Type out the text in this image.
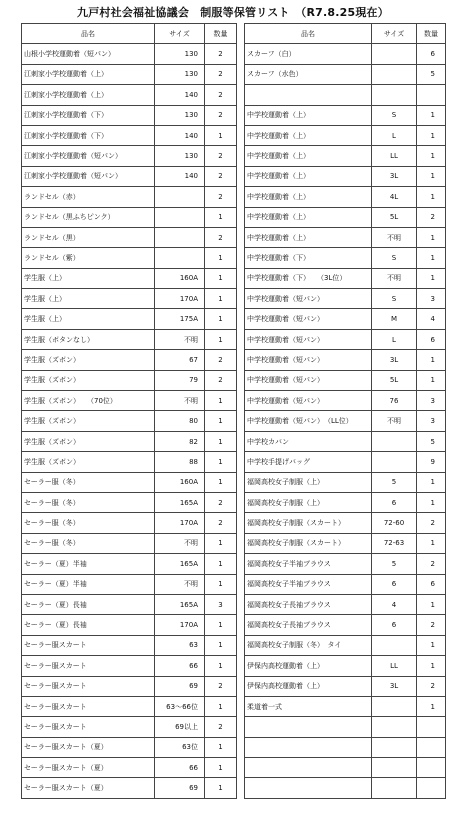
九戸村社会福祉協議会　制服等保管リスト　（R7.8.25現在）
品名	サイズ	数量
山根小学校運動着（短パン）	130	2
江刺家小学校運動着（上）	130	2
江刺家小学校運動着（上）	140	2
江刺家小学校運動着（下）	130	2
江刺家小学校運動着（下）	140	1
江刺家小学校運動着（短パン）	130	2
江刺家小学校運動着（短パン）	140	2
ランドセル（赤）		2
ランドセル（黒ふちピンク）		1
ランドセル（黒）		2
ランドセル（紫）		1
学生服（上）	160A	1
学生服（上）	170A	1
学生服（上）	175A	1
学生服（ボタンなし）	不明	1
学生服（ズボン）	67	2
学生服（ズボン）	79	2
学生服（ズボン）　　（70位）	不明	1
学生服（ズボン）	80	1
学生服（ズボン）	82	1
学生服（ズボン）	88	1
セーラー服（冬）	160A	1
セーラー服（冬）	165A	2
セーラー服（冬）	170A	2
セーラー服（冬）	不明	1
セーラー（夏）半袖	165A	1
セーラー（夏）半袖	不明	1
セーラー（夏）長袖	165A	3
セーラー（夏）長袖	170A	1
セーラー服スカート	63	1
セーラー服スカート	66	1
セーラー服スカート	69	2
セーラー服スカート	63～66位	1
セーラー服スカート	69以上	2
セーラー服スカート（夏）	63位	1
セーラー服スカート（夏）	66	1
セーラー服スカート（夏）	69	1
品名	サイズ	数量
スカーフ（白）		6
スカーフ（水色）		5

中学校運動着（上）	S	1
中学校運動着（上）	L	1
中学校運動着（上）	LL	1
中学校運動着（上）	3L	1
中学校運動着（上）	4L	1
中学校運動着（上）	5L	2
中学校運動着（上）	不明	1
中学校運動着（下）	S	1
中学校運動着（下）　　（3L位）	不明	1
中学校運動着（短パン）	S	3
中学校運動着（短パン）	M	4
中学校運動着（短パン）	L	6
中学校運動着（短パン）	3L	1
中学校運動着（短パン）	5L	1
中学校運動着（短パン）	76	3
中学校運動着（短パン）　（LL位）	不明	3
中学校カバン		5
中学校手提げバッグ		9
福岡高校女子制服（上）	5	1
福岡高校女子制服（上）	6	1
福岡高校女子制服（スカート）	72-60	2
福岡高校女子制服（スカート）	72-63	1
福岡高校女子半袖ブラウス	5	2
福岡高校女子半袖ブラウス	6	6
福岡高校女子長袖ブラウス	4	1
福岡高校女子長袖ブラウス	6	2
福岡高校女子制服（冬）　タイ		1
伊保内高校運動着（上）	LL	1
伊保内高校運動着（上）	3L	2
柔道着一式		1
